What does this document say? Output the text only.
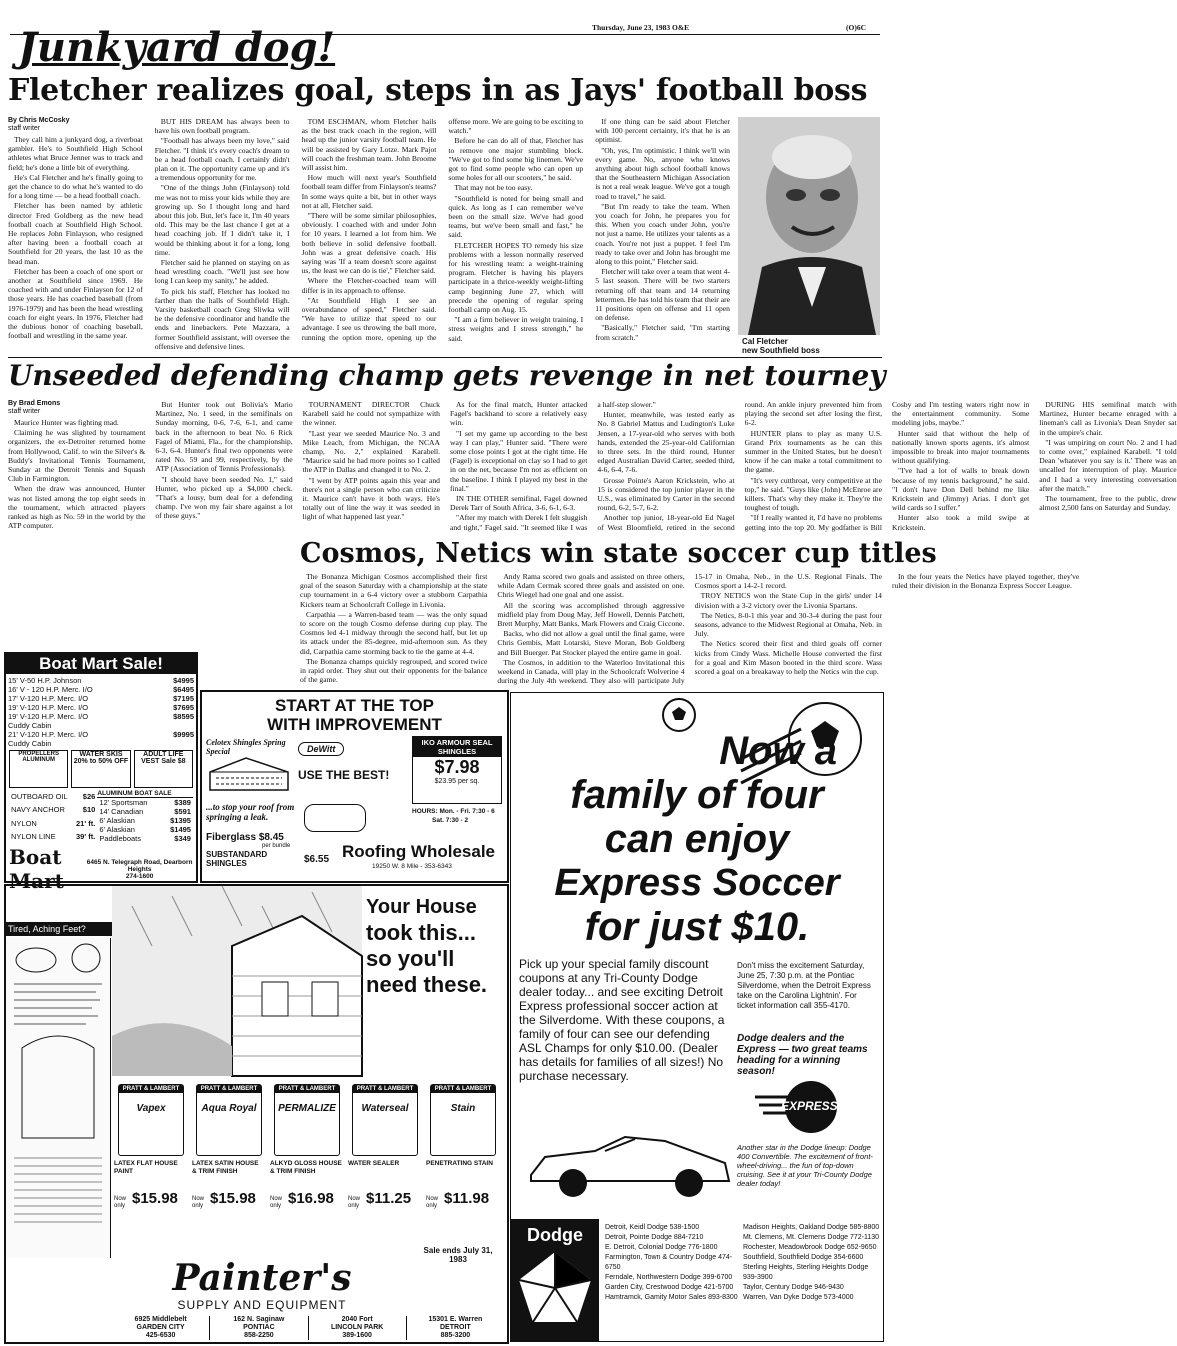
Thursday, June 23, 1983 O&E	(O)6C
Junkyard dog!
Fletcher realizes goal, steps in as Jays' football boss
By Chris McCosky
staff writer

They call him a junkyard dog, a riverboat gambler. He's to Southfield High School athletes what Bruce Jenner was to track and field; he's done a little bit of everything.

He's Cal Fletcher and he's finally going to get the chance to do what he's wanted to do for a long time — be a head football coach.

Fletcher has been named by athletic director Fred Goldberg as the new head football coach at Southfield High School. He replaces John Finlayson, who resigned after having been a football coach at Southfield for 20 years, the last 10 as the head man.

Fletcher has been a coach of one sport or another at Southfield since 1969. He coached with and under Finlayson for 12 of those years. He has coached baseball (from 1976-1979) and has been the head wrestling coach for eight years. In 1976, Fletcher had the dubious honor of coaching baseball, football and wrestling in the same year.

BUT HIS DREAM has always been to have his own football program.

"Football has always been my love," said Fletcher. "I think it's every coach's dream to be a head football coach. I certainly didn't plan on it. The opportunity came up and it's a tremendous opportunity for me.

"One of the things John (Finlayson) told me was not to miss your kids while they are growing up. So I thought long and hard about this job. But, let's face it, I'm 40 years old. This may be the last chance I get at a head coaching job. If I didn't take it, I would be thinking about it for a long, long time.

Fletcher said he planned on staying on as head wrestling coach. "We'll just see how long I can keep my sanity," he added.

To pick his staff, Fletcher has looked no farther than the halls of Southfield High. Varsity basketball coach Greg Sliwka will be the defensive coordinator and handle the ends and linebackers. Pete Mazzara, a former Southfield assistant, will oversee the offensive and defensive lines.

TOM ESCHMAN, whom Fletcher hails as the best track coach in the region, will head up the junior varsity football team. He will be assisted by Gary Lotze. Mark Pajot will coach the freshman team. John Broome will assist him.

How much will next year's Southfield football team differ from Finlayson's teams? In some ways quite a bit, but in other ways not at all, Fletcher said.

"There will be some similar philosophies, obviously. I coached with and under John for 10 years. I learned a lot from him. We both believe in solid defensive football. John was a great defensive coach. His saying was 'If a team doesn't score against us, the least we can do is tie'," Fletcher said.

Where the Fletcher-coached team will differ is in its approach to offense.

"At Southfield High I see an overabundance of speed," Fletcher said. "We have to utilize that speed to our advantage. I see us throwing the ball more, running the option more, opening up the offense more. We are going to be exciting to watch."

Before he can do all of that, Fletcher has to remove one major stumbling block. "We've got to find some big linemen. We've got to find some people who can open up some holes for all our scooters," he said.

That may not be too easy.

"Southfield is noted for being small and quick. As long as I can remember we've been on the small size. We've had good teams, but we've been small and fast," he said.

FLETCHER HOPES TO remedy his size problems with a lesson normally reserved for his wrestling team: a weight-training program. Fletcher is having his players participate in a thrice-weekly weight-lifting camp beginning June 27, which will precede the opening of regular spring football camp on Aug. 15.

"I am a firm believer in weight training. I stress weights and I stress strength," he said.

If one thing can be said about Fletcher with 100 percent certainty, it's that he is an optimist.

"Oh, yes, I'm optimistic. I think we'll win every game. No, anyone who knows anything about high school football knows that the Southeastern Michigan Association is not a real weak league. We've got a tough road to travel," he said.

"But I'm ready to take the team. When you coach for John, he prepares you for this. When you coach under John, you're not just a name. He utilizes your talents as a coach. You're not just a puppet. I feel I'm ready to take over and John has brought me along to this point," Fletcher said.

Fletcher will take over a team that went 4-5 last season. There will be two starters returning off that team and 14 returning lettermen. He has told his team that their are 11 positions open on offense and 11 open on defense.

"Basically," Fletcher said, "I'm starting from scratch."	Cal Fletcher
new Southfield boss
Unseeded defending champ gets revenge in net tourney
By Brad Emons
staff writer

Maurice Hunter was fighting mad.

Claiming he was slighted by tournament organizers, the ex-Detroiter returned home from Hollywood, Calif. to win the Silver's & Buddy's Invitational Tennis Tournament, Sunday at the Detroit Tennis and Squash Club in Farmington.

When the draw was announced, Hunter was not listed among the top eight seeds in the tournament, which attracted players ranked as high as No. 59 in the world by the ATP computer.

But Hunter took out Bolivia's Mario Martinez, No. 1 seed, in the semifinals on Sunday morning, 0-6, 7-6, 6-1, and came back in the afternoon to beat No. 6 Rick Fagel of Miami, Fla., for the championship, 6-3, 6-4. Hunter's final two opponents were rated No. 59 and 99, respectively, by the ATP (Association of Tennis Professionals).

"I should have been seeded No. 1," said Hunter, who picked up a $4,000 check. "That's a lousy, bum deal for a defending champ. I've won my fair share against a lot of these guys."

TOURNAMENT DIRECTOR Chuck Karabell said he could not sympathize with the winner.

"Last year we seeded Maurice No. 3 and Mike Leach, from Michigan, the NCAA champ, No. 2," explained Karabell. "Maurice said he had more points so I called the ATP in Dallas and changed it to No. 2.

"I went by ATP points again this year and there's not a single person who can criticize it. Maurice can't have it both ways. He's totally out of line the way it was seeded in light of what happened last year."

As for the final match, Hunter attacked Fagel's backhand to score a relatively easy win.

"I set my game up according to the best way I can play," Hunter said. "There were some close points I got at the right time. He (Fagel) is exceptional on clay so I had to get in on the net, because I'm not as efficient on the baseline. I think I played my best in the final."

IN THE OTHER semifinal, Fagel downed Derek Tarr of South Africa, 3-6, 6-1, 6-3.

"After my match with Derek I felt sluggish and tight," Fagel said. "It seemed like I was a half-step slower."

Hunter, meanwhile, was tested early as No. 8 Gabriel Mattus and Ludington's Luke Jensen, a 17-year-old who serves with both hands, extended the 25-year-old Californian to three sets. In the third round, Hunter edged Australian David Carter, seeded third, 4-6, 6-4, 7-6.

Grosse Pointe's Aaron Krickstein, who at 15 is considered the top junior player in the U.S., was eliminated by Carter in the second round, 6-2, 5-7, 6-2.

Another top junior, 18-year-old Ed Nagel of West Bloomfield, retired in the second round. An ankle injury prevented him from playing the second set after losing the first, 6-2.

HUNTER plans to play as many U.S. Grand Prix tournaments as he can this summer in the United States, but he doesn't know if he can make a total commitment to the game.

"It's very cutthroat, very competitive at the top," he said. "Guys like (John) McEnroe are killers. That's why they make it. They're the toughest of tough.

"If I really wanted it, I'd have no problems getting into the top 20. My godfather is Bill Cosby and I'm testing waters right now in the entertainment community. Some modeling jobs, maybe."

Hunter said that without the help of nationally known sports agents, it's almost impossible to break into major tournaments without qualifying.

"I've had a lot of walls to break down because of my tennis background," he said. "I don't have Don Dell behind me like Krickstein and (Jimmy) Arias. I don't get wild cards so I suffer."

Hunter also took a mild swipe at Krickstein.

DURING HIS semifinal match with Martinez, Hunter became enraged with a lineman's call as Livonia's Dean Snyder sat in the umpire's chair.

"I was umpiring on court No. 2 and I had to come over," explained Karabell. "I told Dean 'whatever you say is it.' There was an uncalled for interruption of play. Maurice and I had a very interesting conversation after the match."

The tournament, free to the public, drew almost 2,500 fans on Saturday and Sunday.

Cosmos, Netics win state soccer cup titles

The Bonanza Michigan Cosmos accomplished their first goal of the season Saturday with a championship at the state cup tournament in a 6-4 victory over a stubborn Carpathia Kickers team at Schoolcraft College in Livonia.

Carpathia — a Warren-based team — was the only squad to score on the tough Cosmo defense during cup play. The Cosmos led 4-1 midway through the second half, but let up its attack under the 85-degree, mid-afternoon sun. As they did, Carpathia came storming back to tie the game at 4-4.

The Bonanza champs quickly regrouped, and scored twice in rapid order. They shut out their opponents for the balance of the game.

Andy Rama scored two goals and assisted on three others, while Adam Cermak scored three goals and assisted on one. Chris Wiegel had one goal and one assist.

All the scoring was accomplished through aggressive midfield play from Doug May, Jeff Howell, Dennis Patchett, Brett Murphy, Matt Banks, Mark Flowers and Craig Ciccone.

Backs, who did not allow a goal until the final game, were Chris Gembis, Matt Lotarski, Steve Moran, Bob Goldberg and Bill Buerger. Pat Stocker played the entire game in goal.

The Cosmos, in addition to the Waterloo Invitational this weekend in Canada, will play in the Schoolcraft Wolverine 4 during the July 4th weekend. They also will participate July 15-17 in Omaha, Neb., in the U.S. Regional Finals. The Cosmos sport a 14-2-1 record.

TROY NETICS won the State Cup in the girls' under 14 division with a 3-2 victory over the Livonia Spartans.

The Netics, 8-0-1 this year and 30-3-4 during the past four seasons, advance to the Midwest Regional at Omaha, Neb. in July.

The Netics scored their first and third goals off corner kicks from Cindy Wass. Michelle House converted the first for a goal and Kim Mason booted in the third score. Wass scored a goal on a breakaway to help the Netics win the cup.

In the four years the Netics have played together, they've ruled their division in the Bonanza Express Soccer League.

Boat Mart Sale!
15' V-50 H.P. Johnson	$4995
16' V - 120 H.P. Merc. I/O	$6495
17' V-120 H.P. Merc. I/O	$7195
19' V-120 H.P. Merc. I/O	$7695
19' V-120 H.P. Merc. I/O	$8595
Cuddy Cabin	
21' V-120 H.P. Merc. I/O	$9995
Cuddy Cabin	
PROPELLERS ALUMINUM
WATER SKIS 20% to 50% OFF
ADULT LIFE VEST Sale $8
OUTBOARD OIL	$26
NAVY ANCHOR	$10
NYLON	21' ft.
NYLON LINE	39' ft.
ALUMINUM BOAT SALE
12' Sportsman	$389
14' Canadian	$591
6' Alaskian	$1395
6' Alaskian	$1495
Paddleboats	$349
Boat Mart
6465 N. Telegraph Road, Dearborn Heights
274-1600
START AT THE TOP
WITH IMPROVEMENT
Celotex Shingles Spring Special	DeWitt
USE THE BEST!
IKO ARMOUR SEAL SHINGLES
$7.98
$23.95 per sq.
...to stop your roof from springing a leak.
Fiberglass $8.45
per bundle
SUBSTANDARD SHINGLES	$6.55
HOURS: Mon. - Fri. 7:30 - 6
Sat. 7:30 - 2
Roofing Wholesale
19250 W. 8 Mile - 353-6343
Tired, Aching Feet?
Your House
took this...
so you'll
need these.
PRATT & LAMBERT
Vapex
LATEX FLAT HOUSE PAINT
Now only $15.98
PRATT & LAMBERT
Aqua Royal
LATEX SATIN HOUSE & TRIM FINISH
Now only $15.98
PRATT & LAMBERT
PERMALIZE
ALKYD GLOSS HOUSE & TRIM FINISH
Now only $16.98
PRATT & LAMBERT
Waterseal
WATER SEALER
Now only $11.25
PRATT & LAMBERT
Stain
PENETRATING STAIN
Now only $11.98
Sale ends July 31, 1983
Painter's
SUPPLY AND EQUIPMENT
6925 Middlebelt
GARDEN CITY
425-6530
162 N. Saginaw
PONTIAC
858-2250
2040 Fort
LINCOLN PARK
389-1600
15301 E. Warren
DETROIT
885-3200
Now a
family of four
can enjoy
Express Soccer
for just $10.
Pick up your special family discount coupons at any Tri-County Dodge dealer today... and see exciting Detroit Express professional soccer action at the Silverdome. With these coupons, a family of four can see our defending ASL Champs for only $10.00. (Dealer has details for families of all sizes!) No purchase necessary.
Don't miss the excitement Saturday, June 25, 7:30 p.m. at the Pontiac Silverdome, when the Detroit Express take on the Carolina Lightnin'. For ticket information call 355-4170.
Dodge dealers and the Express — two great teams heading for a winning season!
EXPRESS
Another star in the Dodge lineup: Dodge 400 Convertible. The excitement of front-wheel-driving... the fun of top-down cruising. See it at your Tri-County Dodge dealer today!
Dodge	Detroit, Keidl Dodge 538-1500
Detroit, Pointe Dodge 884-7210
E. Detroit, Colonial Dodge 776-1800
Farmington, Town & Country Dodge 474-6750
Ferndale, Northwestern Dodge 399-6700
Garden City, Crestwood Dodge 421-5700
Hamtramck, Gamity Motor Sales 893-8300
Madison Heights, Oakland Dodge 585-8800
Mt. Clemens, Mt. Clemens Dodge 772-1130
Rochester, Meadowbrook Dodge 652-9650
Southfield, Southfield Dodge 354-6600
Sterling Heights, Sterling Heights Dodge 939-3900
Taylor, Century Dodge 946-9430
Warren, Van Dyke Dodge 573-4000
